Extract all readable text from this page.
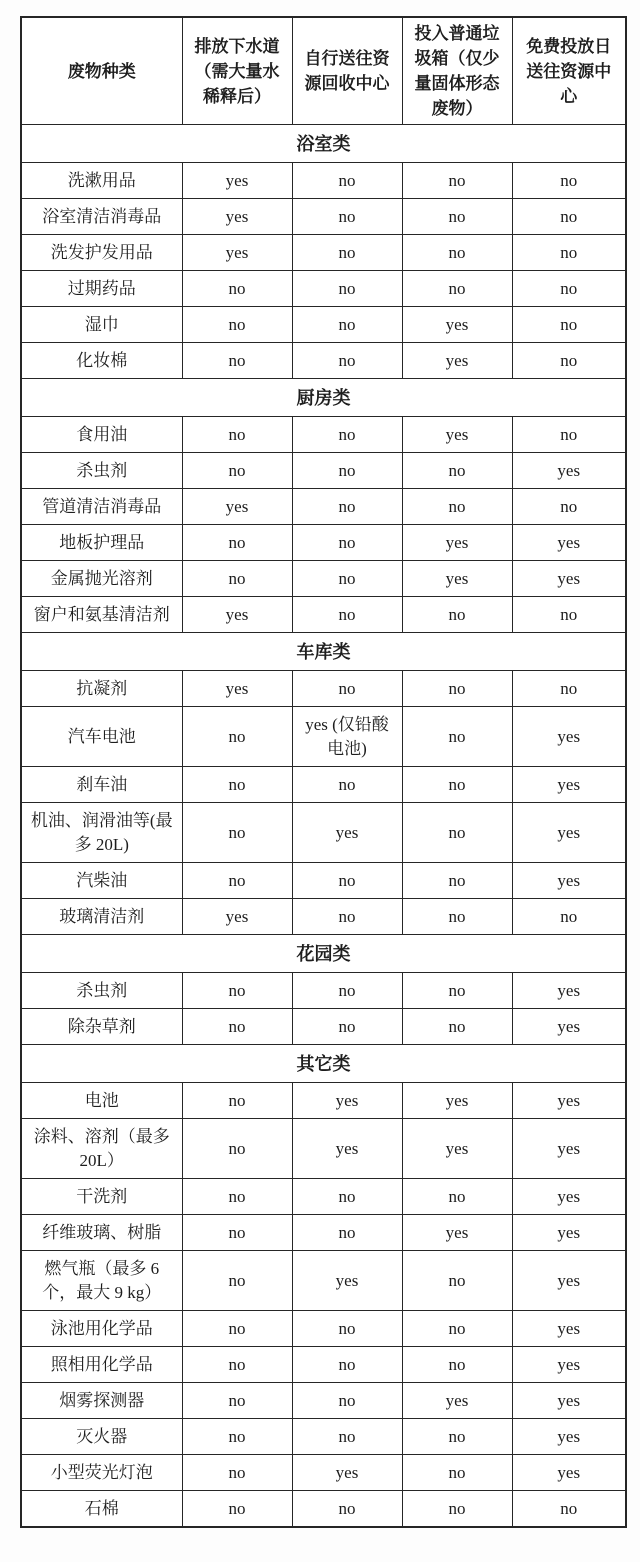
废物种类	排放下水道（需大量水稀释后）	自行送往资源回收中心	投入普通垃圾箱（仅少量固体形态废物）	免费投放日送往资源中心
浴室类				
洗漱用品	yes	no	no	no
浴室清洁消毒品	yes	no	no	no
洗发护发用品	yes	no	no	no
过期药品	no	no	no	no
湿巾	no	no	yes	no
化妆棉	no	no	yes	no
厨房类				
食用油	no	no	yes	no
杀虫剂	no	no	no	yes
管道清洁消毒品	yes	no	no	no
地板护理品	no	no	yes	yes
金属抛光溶剂	no	no	yes	yes
窗户和氨基清洁剂	yes	no	no	no
车库类				
抗凝剂	yes	no	no	no
汽车电池	no	yes (仅铅酸电池)	no	yes
刹车油	no	no	no	yes
机油、润滑油等(最多 20L)	no	yes	no	yes
汽柴油	no	no	no	yes
玻璃清洁剂	yes	no	no	no
花园类				
杀虫剂	no	no	no	yes
除杂草剂	no	no	no	yes
其它类				
电池	no	yes	yes	yes
涂料、溶剂（最多 20L）	no	yes	yes	yes
干洗剂	no	no	no	yes
纤维玻璃、树脂	no	no	yes	yes
燃气瓶（最多 6 个，最大 9 kg）	no	yes	no	yes
泳池用化学品	no	no	no	yes
照相用化学品	no	no	no	yes
烟雾探测器	no	no	yes	yes
灭火器	no	no	no	yes
小型荧光灯泡	no	yes	no	yes
石棉	no	no	no	no
